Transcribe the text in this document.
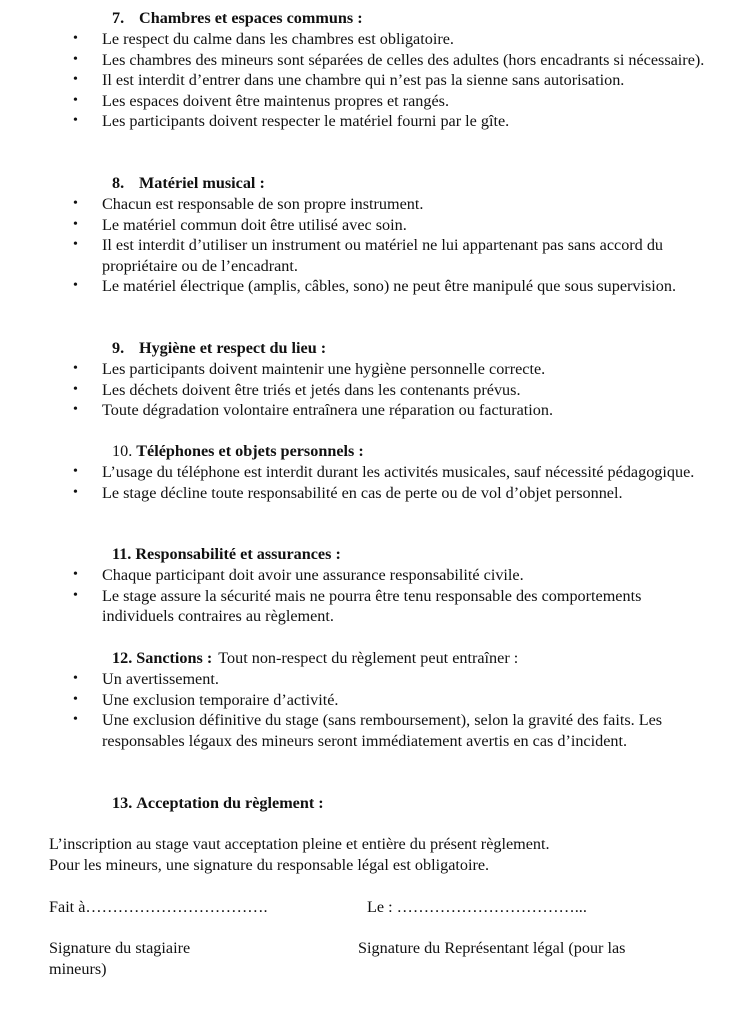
7. Chambres et espaces communs :
• Le respect du calme dans les chambres est obligatoire.
• Les chambres des mineurs sont séparées de celles des adultes (hors encadrants si nécessaire).
• Il est interdit d’entrer dans une chambre qui n’est pas la sienne sans autorisation.
• Les espaces doivent être maintenus propres et rangés.
• Les participants doivent respecter le matériel fourni par le gîte.
8. Matériel musical :
• Chacun est responsable de son propre instrument.
• Le matériel commun doit être utilisé avec soin.
• Il est interdit d’utiliser un instrument ou matériel ne lui appartenant pas sans accord du propriétaire ou de l’encadrant.
• Le matériel électrique (amplis, câbles, sono) ne peut être manipulé que sous supervision.
9. Hygiène et respect du lieu :
• Les participants doivent maintenir une hygiène personnelle correcte.
• Les déchets doivent être triés et jetés dans les contenants prévus.
• Toute dégradation volontaire entraînera une réparation ou facturation.
10. Téléphones et objets personnels :
• L’usage du téléphone est interdit durant les activités musicales, sauf nécessité pédagogique.
• Le stage décline toute responsabilité en cas de perte ou de vol d’objet personnel.
11. Responsabilité et assurances :
• Chaque participant doit avoir une assurance responsabilité civile.
• Le stage assure la sécurité mais ne pourra être tenu responsable des comportements individuels contraires au règlement.
12. Sanctions : Tout non-respect du règlement peut entraîner :
• Un avertissement.
• Une exclusion temporaire d’activité.
• Une exclusion définitive du stage (sans remboursement), selon la gravité des faits. Les responsables légaux des mineurs seront immédiatement avertis en cas d’incident.
13. Acceptation du règlement :
L’inscription au stage vaut acceptation pleine et entière du présent règlement.
Pour les mineurs, une signature du responsable légal est obligatoire.
Fait à…………………………….	Le : ……………………………...
Signature du stagiaire
mineurs)
Signature du Représentant légal (pour las
